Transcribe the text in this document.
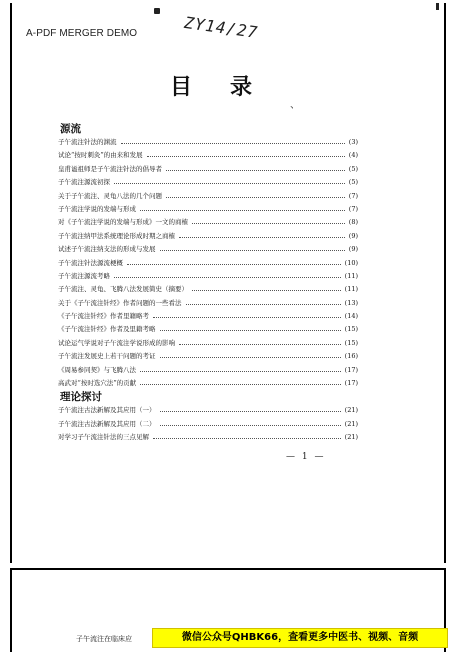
A-PDF MERGER DEMO	ZY14/27
目录
、
源流
子午流注针法的渊流	(3)
试论“按时刺灸”的由来和发展	(4)
皇甫谧祖师是子午流注针法的倡导者	(5)
子午流注源流初探	(5)
关于子午流注、灵龟八法的几个问题	(7)
子午流注学说的发端与形成	(7)
对《子午流注学说的发端与形成》一文的商榷	(8)
子午流注纳甲法系统理论形成时期之商榷	(9)
试述子午流注纳支法的形成与发展	(9)
子午流注针法源流梗概	(10)
子午流注源流考略	(11)
子午流注、灵龟、飞腾八法发展简史（摘要）	(11)
关于《子午流注针经》作者问题的一些看法	(13)
《子午流注针经》作者里籍略考	(14)
《子午流注针经》作者及里籍考略	(15)
试论运气学说对子午流注学说形成的影响	(15)
子午流注发展史上若干问题的考证	(16)
《周易参同契》与飞腾八法	(17)
高武对“按时选穴法”的贡献	(17)
理论探讨
子午流注古法新解及其应用（一）	(21)
子午流注古法新解及其应用（二）	(21)
对学习子午流注针法的三点见解	(21)
— 1 —
子午流注在临床应	微信公众号QHBK66，查看更多中医书、视频、音频
